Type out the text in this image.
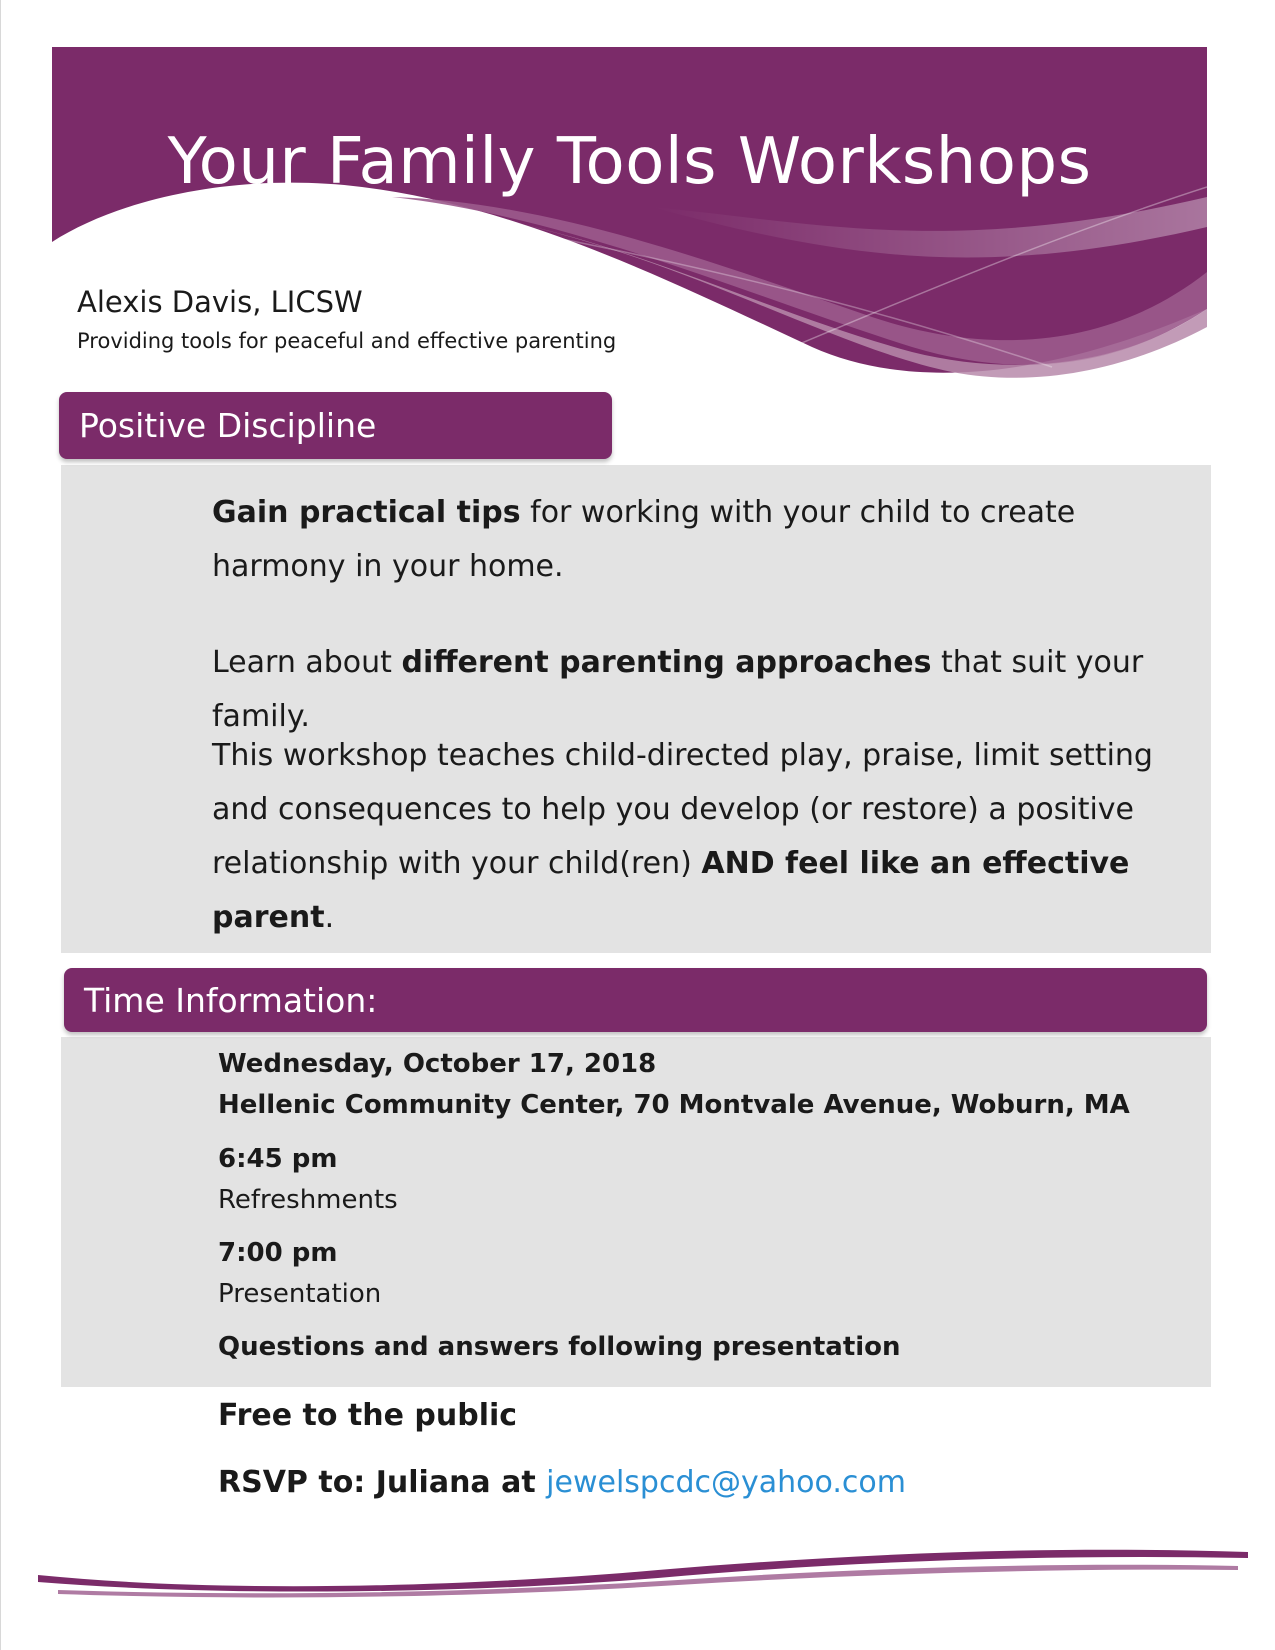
Your Family Tools Workshops
Alexis Davis, LICSW
Providing tools for peaceful and effective parenting
Positive Discipline

Gain practical tips for working with your child to create harmony in your home.

Learn about different parenting approaches that suit your family.

This workshop teaches child-directed play, praise, limit setting and consequences to help you develop (or restore) a positive relationship with your child(ren) AND feel like an effective parent.

Time Information:

Wednesday, October 17, 2018

Hellenic Community Center, 70 Montvale Avenue, Woburn, MA

6:45 pm

Refreshments

7:00 pm

Presentation

Questions and answers following presentation

Free to the public

RSVP to: Juliana at jewelspcdc@yahoo.com
